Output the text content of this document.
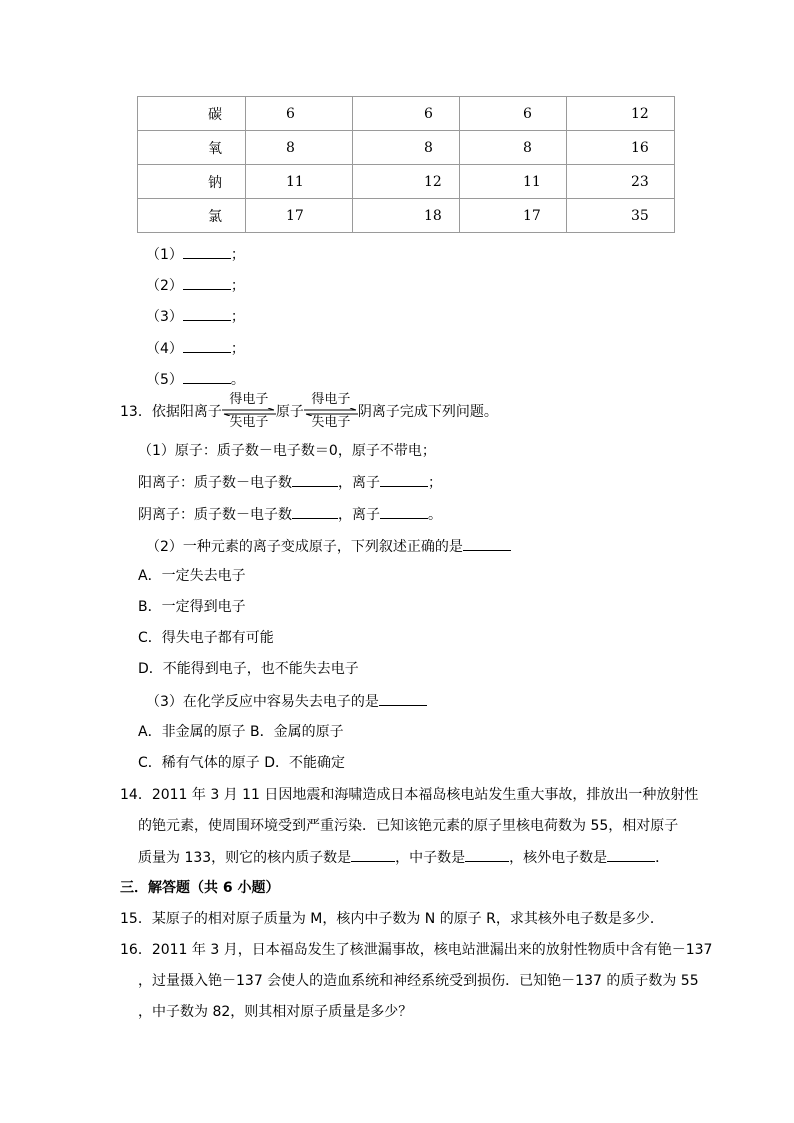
碳	6	6	6	12
氧	8	8	8	16
钠	11	12	11	23
氯	17	18	17	35
（1）	；
（2）	；
（3）	；
（4）	；
（5）	。
13．依据阳离子
得电子
失电子
原子
得电子
失电子
阴离子完成下列问题。
（1）原子：质子数－电子数＝0，原子不带电；
阳离子：质子数－电子数	，离子	；
阴离子：质子数－电子数	，离子	。
（2）一种元素的离子变成原子，下列叙述正确的是
A．一定失去电子
B．一定得到电子
C．得失电子都有可能
D．不能得到电子，也不能失去电子
（3）在化学反应中容易失去电子的是
A．非金属的原子 B．金属的原子
C．稀有气体的原子 D．不能确定
14．2011 年 3 月 11 日因地震和海啸造成日本福岛核电站发生重大事故，排放出一种放射性
的铯元素，使周围环境受到严重污染．已知该铯元素的原子里核电荷数为 55，相对原子
质量为 133，则它的核内质子数是	，中子数是	，核外电子数是	．
三．解答题（共 6 小题）
15．某原子的相对原子质量为 M，核内中子数为 N 的原子 R，求其核外电子数是多少．
16．2011 年 3 月，日本福岛发生了核泄漏事故，核电站泄漏出来的放射性物质中含有铯－137
，过量摄入铯－137 会使人的造血系统和神经系统受到损伤．已知铯－137 的质子数为 55
，中子数为 82，则其相对原子质量是多少？
